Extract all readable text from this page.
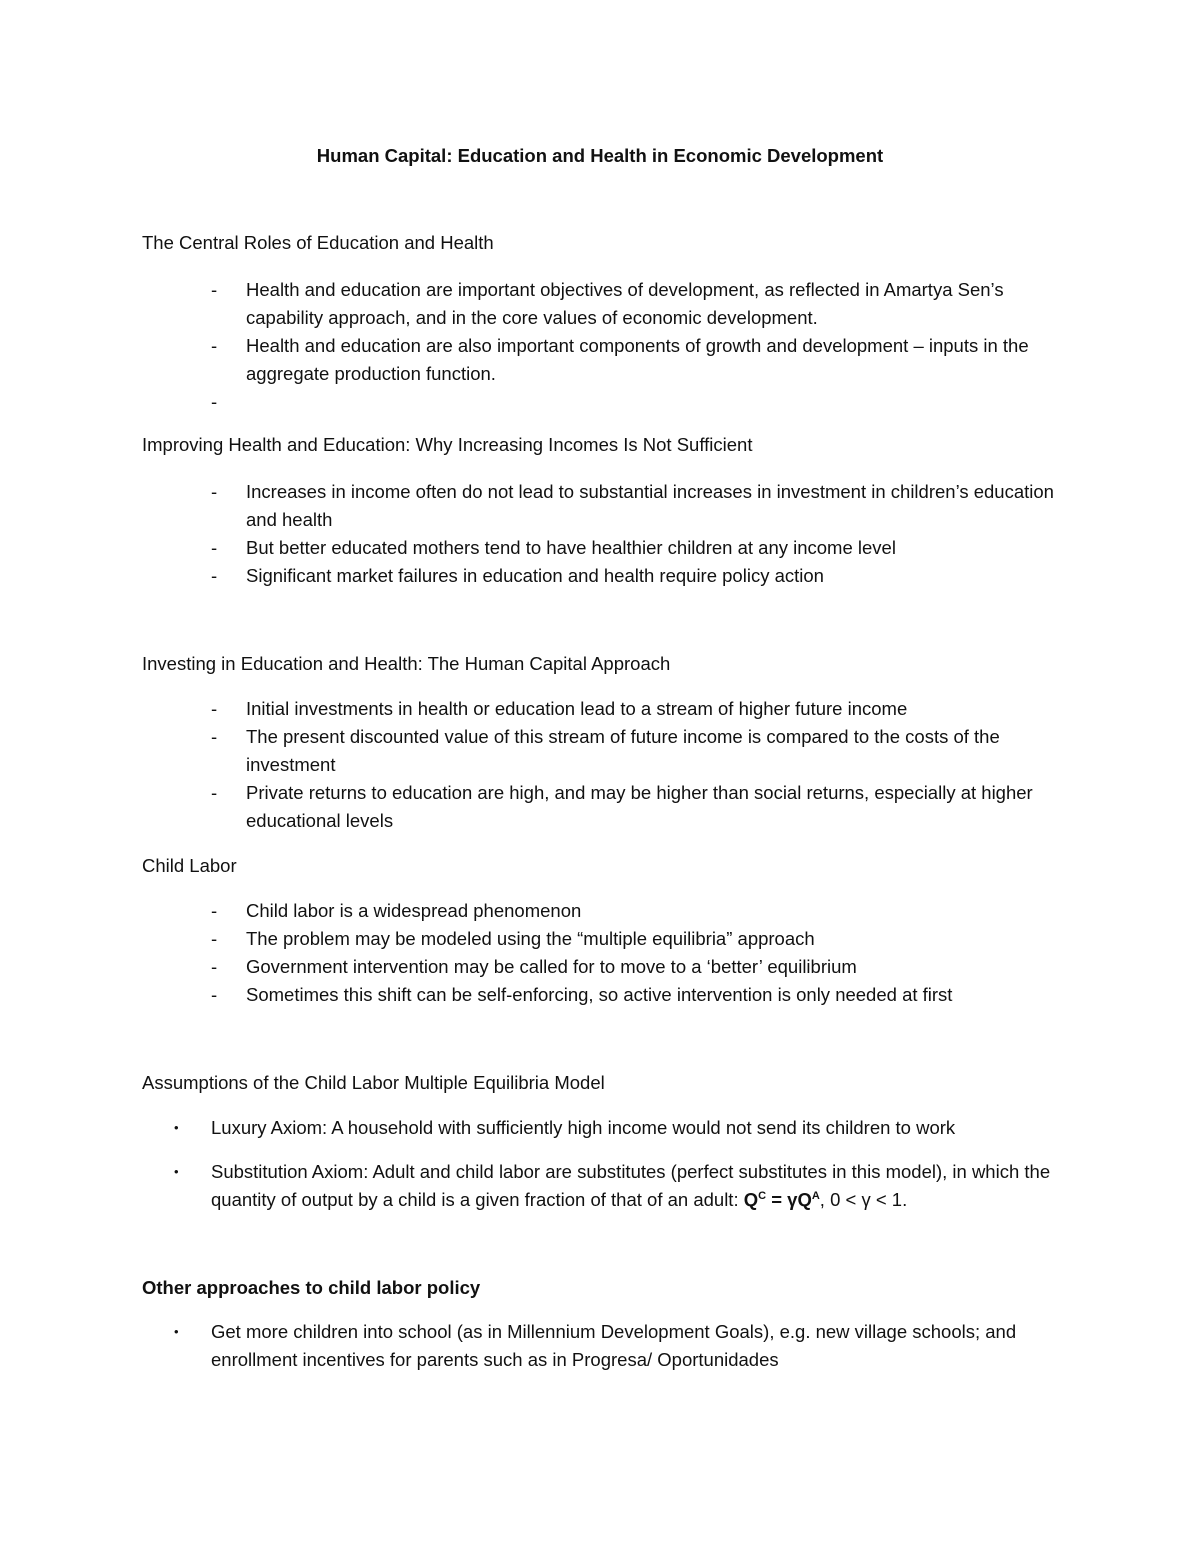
Human Capital: Education and Health in Economic Development

The Central Roles of Education and Health

- Health and education are important objectives of development, as reflected in Amartya Sen’s capability approach, and in the core values of economic development.
- Health and education are also important components of growth and development – inputs in the aggregate production function.
-

Improving Health and Education: Why Increasing Incomes Is Not Sufficient

- Increases in income often do not lead to substantial increases in investment in children’s education and health
- But better educated mothers tend to have healthier children at any income level
- Significant market failures in education and health require policy action

Investing in Education and Health: The Human Capital Approach

- Initial investments in health or education lead to a stream of higher future income
- The present discounted value of this stream of future income is compared to the costs of the investment
- Private returns to education are high, and may be higher than social returns, especially at higher educational levels

Child Labor

- Child labor is a widespread phenomenon
- The problem may be modeled using the “multiple equilibria” approach
- Government intervention may be called for to move to a ‘better’ equilibrium
- Sometimes this shift can be self-enforcing, so active intervention is only needed at first

Assumptions of the Child Labor Multiple Equilibria Model

• Luxury Axiom: A household with sufficiently high income would not send its children to work
• Substitution Axiom: Adult and child labor are substitutes (perfect substitutes in this model), in which the quantity of output by a child is a given fraction of that of an adult: $Q^C = \gamma Q^A$, 0 < γ < 1.

Other approaches to child labor policy

• Get more children into school (as in Millennium Development Goals), e.g. new village schools; and enrollment incentives for parents such as in Progresa/ Oportunidades
